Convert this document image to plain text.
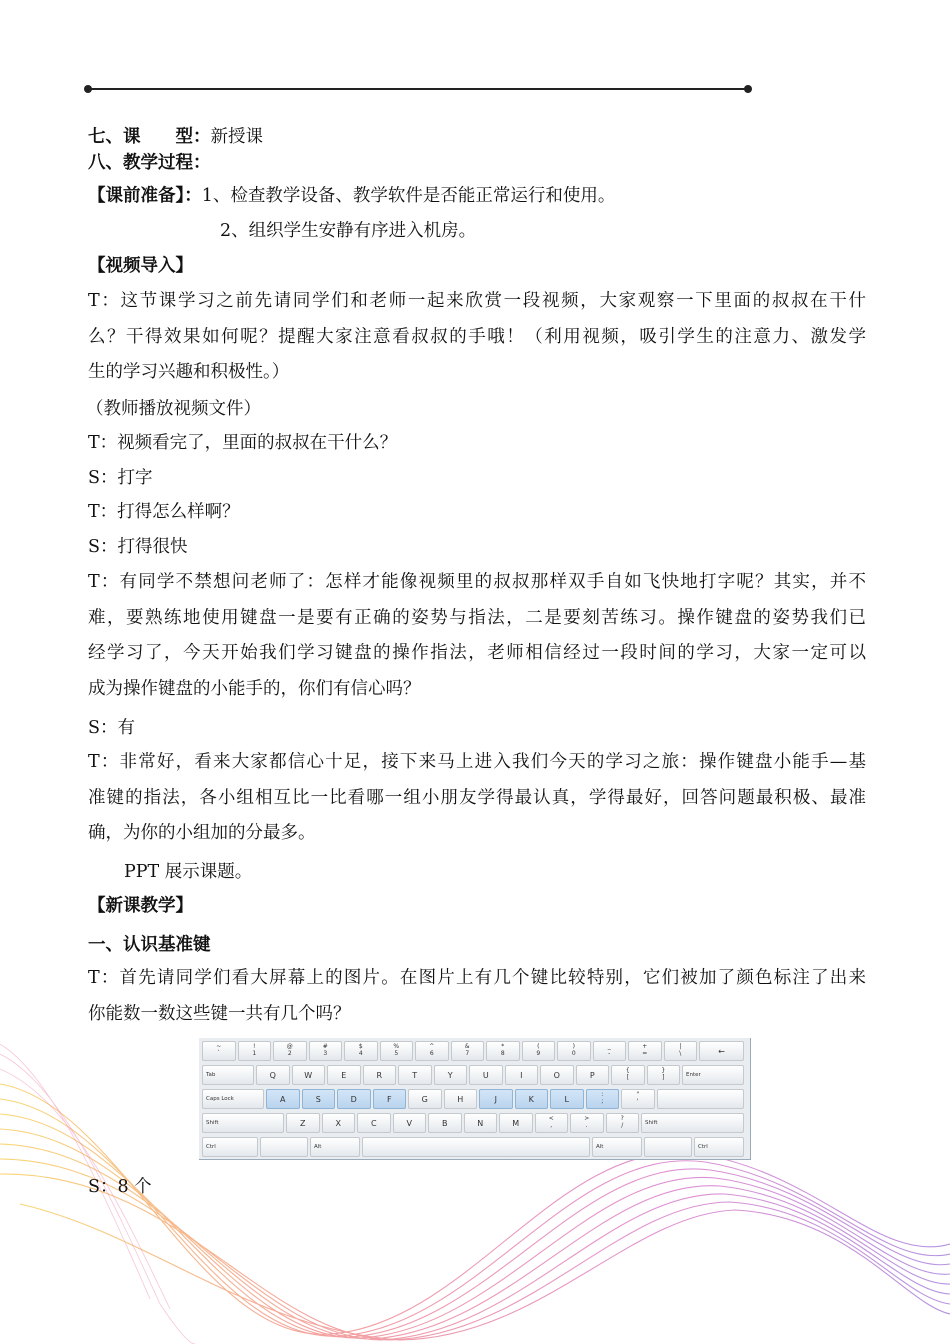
七、课　　型：新授课
八、教学过程：
【课前准备】：1、检查教学设备、教学软件是否能正常运行和使用。
2、组织学生安静有序进入机房。
【视频导入】
T：这节课学习之前先请同学们和老师一起来欣赏一段视频，大家观察一下里面的叔叔在干什
么？干得效果如何呢？提醒大家注意看叔叔的手哦！（利用视频，吸引学生的注意力、激发学
生的学习兴趣和积极性。）
（教师播放视频文件）
T：视频看完了，里面的叔叔在干什么？
S：打字
T：打得怎么样啊？
S：打得很快
T：有同学不禁想问老师了：怎样才能像视频里的叔叔那样双手自如飞快地打字呢？其实，并不
难，要熟练地使用键盘一是要有正确的姿势与指法，二是要刻苦练习。操作键盘的姿势我们已
经学习了，今天开始我们学习键盘的操作指法，老师相信经过一段时间的学习，大家一定可以
成为操作键盘的小能手的，你们有信心吗？
S：有
T：非常好，看来大家都信心十足，接下来马上进入我们今天的学习之旅：操作键盘小能手—基
准键的指法，各小组相互比一比看哪一组小朋友学得最认真，学得最好，回答问题最积极、最准
确，为你的小组加的分最多。
PPT 展示课题。
【新课教学】
一、认识基准键
T：首先请同学们看大屏幕上的图片。在图片上有几个键比较特别，它们被加了颜色标注了出来
你能数一数这些键一共有几个吗？
~
`
!
1
@
2
#
3
$
4
%
5
^
6
&
7
*
8
(
9
)
0
_
-
+
=
|
\	←
Tab	Q	W	E	R	T	Y	U	I	O	P	{
[
}
]	Enter
Caps Lock	A	S	D	F	G	H	J	K	L	:
;
"
'
Shift	Z	X	C	V	B	N	M	<
,
>
.
?
/	Shift
Ctrl	Alt	Alt	Ctrl
S：8 个
